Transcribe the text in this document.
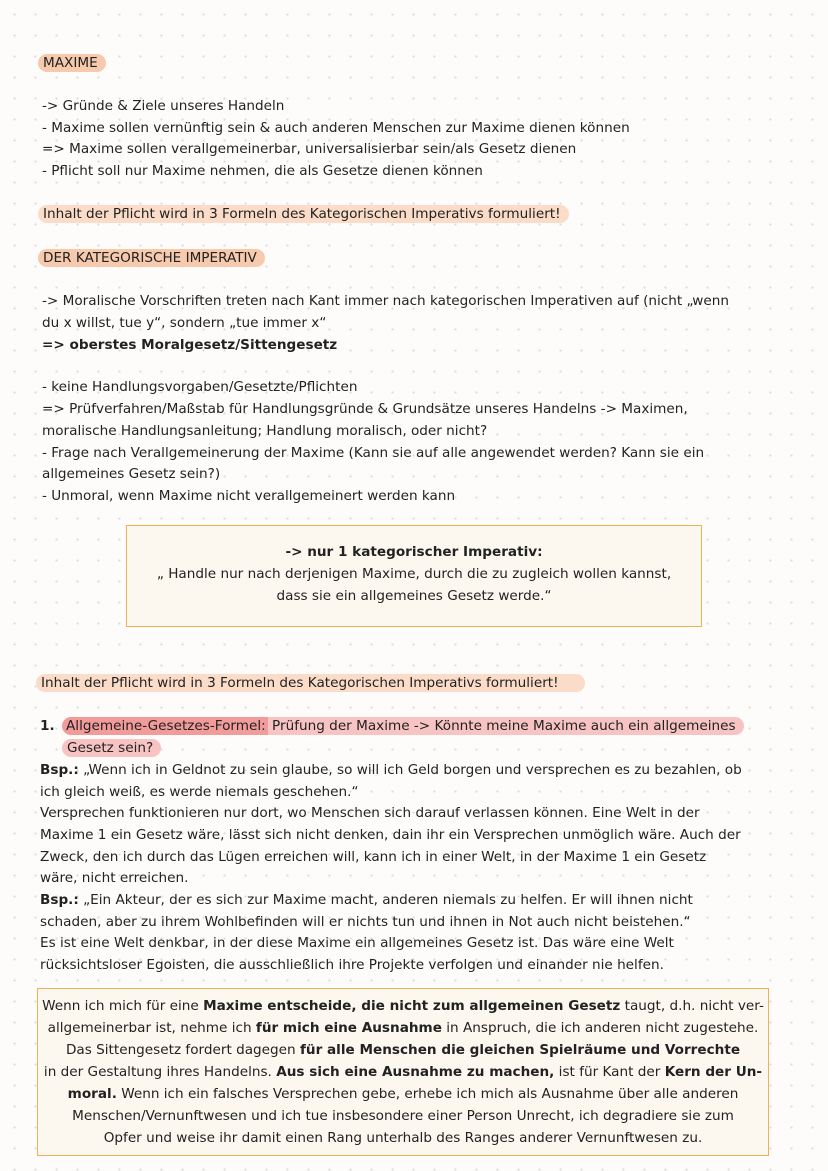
MAXIME
-> Gründe & Ziele unseres Handeln
- Maxime sollen vernünftig sein & auch anderen Menschen zur Maxime dienen können
=> Maxime sollen verallgemeinerbar, universalisierbar sein/als Gesetz dienen
- Pflicht soll nur Maxime nehmen, die als Gesetze dienen können
Inhalt der Pflicht wird in 3 Formeln des Kategorischen Imperativs formuliert!
DER KATEGORISCHE IMPERATIV
-> Moralische Vorschriften treten nach Kant immer nach kategorischen Imperativen auf (nicht „wenn
du x willst, tue y“, sondern „tue immer x“
=> oberstes Moralgesetz/Sittengesetz
- keine Handlungsvorgaben/Gesetzte/Pflichten
=> Prüfverfahren/Maßstab für Handlungsgründe & Grundsätze unseres Handelns -> Maximen,
moralische Handlungsanleitung; Handlung moralisch, oder nicht?
- Frage nach Verallgemeinerung der Maxime (Kann sie auf alle angewendet werden? Kann sie ein
allgemeines Gesetz sein?)
- Unmoral, wenn Maxime nicht verallgemeinert werden kann
-> nur 1 kategorischer Imperativ:
„ Handle nur nach derjenigen Maxime, durch die zu zugleich wollen kannst,
dass sie ein allgemeines Gesetz werde.“
Inhalt der Pflicht wird in 3 Formeln des Kategorischen Imperativs formuliert!
1. Allgemeine-Gesetzes-Formel: Prüfung der Maxime -> Könnte meine Maxime auch ein allgemeines
Gesetz sein?
Bsp.: „Wenn ich in Geldnot zu sein glaube, so will ich Geld borgen und versprechen es zu bezahlen, ob
ich gleich weiß, es werde niemals geschehen.“
Versprechen funktionieren nur dort, wo Menschen sich darauf verlassen können. Eine Welt in der
Maxime 1 ein Gesetz wäre, lässt sich nicht denken, dain ihr ein Versprechen unmöglich wäre. Auch der
Zweck, den ich durch das Lügen erreichen will, kann ich in einer Welt, in der Maxime 1 ein Gesetz
wäre, nicht erreichen.
Bsp.: „Ein Akteur, der es sich zur Maxime macht, anderen niemals zu helfen. Er will ihnen nicht
schaden, aber zu ihrem Wohlbefinden will er nichts tun und ihnen in Not auch nicht beistehen.“
Es ist eine Welt denkbar, in der diese Maxime ein allgemeines Gesetz ist. Das wäre eine Welt
rücksichtsloser Egoisten, die ausschließlich ihre Projekte verfolgen und einander nie helfen.
Wenn ich mich für eine Maxime entscheide, die nicht zum allgemeinen Gesetz taugt, d.h. nicht ver-
allgemeinerbar ist, nehme ich für mich eine Ausnahme in Anspruch, die ich anderen nicht zugestehe.
Das Sittengesetz fordert dagegen für alle Menschen die gleichen Spielräume und Vorrechte
in der Gestaltung ihres Handelns. Aus sich eine Ausnahme zu machen, ist für Kant der Kern der Un-
moral. Wenn ich ein falsches Versprechen gebe, erhebe ich mich als Ausnahme über alle anderen
Menschen/Vernunftwesen und ich tue insbesondere einer Person Unrecht, ich degradiere sie zum
Opfer und weise ihr damit einen Rang unterhalb des Ranges anderer Vernunftwesen zu.
